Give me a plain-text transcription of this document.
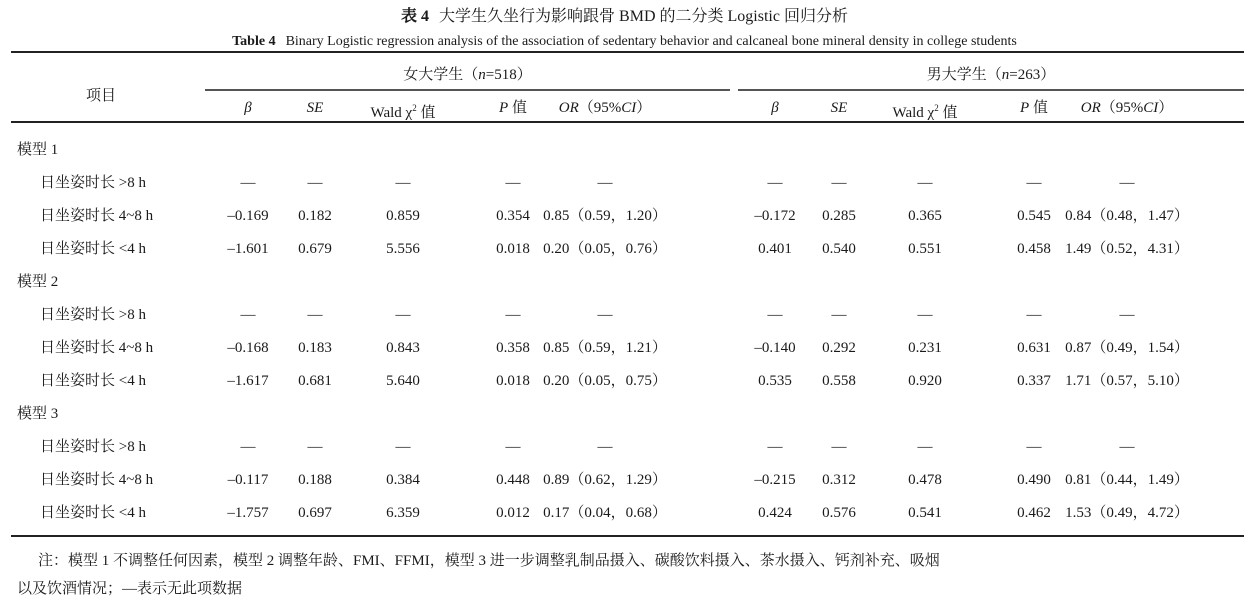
表 4 大学生久坐行为影响跟骨 BMD 的二分类 Logistic 回归分析
Table 4 Binary Logistic regression analysis of the association of sedentary behavior and calcaneal bone mineral density in college students
项目
女大学生（n=518）	男大学生（n=263）
β	SE	Wald $\chi^2$ 值	P 值	OR（95%CI）	β	SE	Wald $\chi^2$ 值	P 值	OR（95%CI）
模型 1
日坐姿时长 >8 h	—	—	—	—	—	—	—	—	—	—
日坐姿时长 4~8 h	–0.169	0.182	0.859	0.354 0.85（0.59，1.20）	–0.172	0.285	0.365	0.545 0.84（0.48，1.47）
日坐姿时长 <4 h	–1.601	0.679	5.556	0.018 0.20（0.05，0.76）	0.401	0.540	0.551	0.458 1.49（0.52，4.31）
模型 2
日坐姿时长 >8 h	—	—	—	—	—	—	—	—	—	—
日坐姿时长 4~8 h	–0.168	0.183	0.843	0.358 0.85（0.59，1.21）	–0.140	0.292	0.231	0.631 0.87（0.49，1.54）
日坐姿时长 <4 h	–1.617	0.681	5.640	0.018 0.20（0.05，0.75）	0.535	0.558	0.920	0.337 1.71（0.57，5.10）
模型 3
日坐姿时长 >8 h	—	—	—	—	—	—	—	—	—	—
日坐姿时长 4~8 h	–0.117	0.188	0.384	0.448 0.89（0.62，1.29）	–0.215	0.312	0.478	0.490 0.81（0.44，1.49）
日坐姿时长 <4 h	–1.757	0.697	6.359	0.012 0.17（0.04，0.68）	0.424	0.576	0.541	0.462 1.53（0.49，4.72）
注：模型 1 不调整任何因素，模型 2 调整年龄、FMI、FFMI，模型 3 进一步调整乳制品摄入、碳酸饮料摄入、茶水摄入、钙剂补充、吸烟
以及饮酒情况；—表示无此项数据
